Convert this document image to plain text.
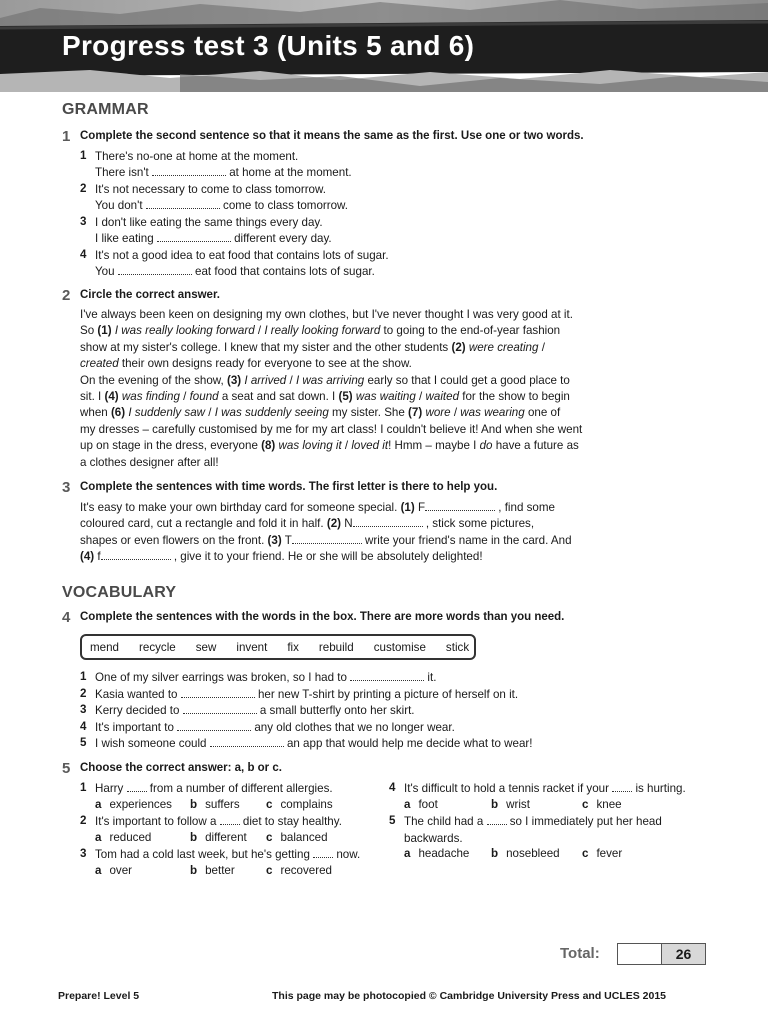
Progress test 3 (Units 5 and 6)
GRAMMAR
1 Complete the second sentence so that it means the same as the first. Use one or two words.
1 There's no-one at home at the moment.
There isn't	at home at the moment.
2 It's not necessary to come to class tomorrow.
You don't	come to class tomorrow.
3 I don't like eating the same things every day.
I like eating	different every day.
4 It's not a good idea to eat food that contains lots of sugar.
You	eat food that contains lots of sugar.
2 Circle the correct answer.
I've always been keen on designing my own clothes, but I've never thought I was very good at it.
So (1) I was really looking forward / I really looking forward to going to the end-of-year fashion
show at my sister's college. I knew that my sister and the other students (2) were creating /
created their own designs ready for everyone to see at the show.
On the evening of the show, (3) I arrived / I was arriving early so that I could get a good place to
sit. I (4) was finding / found a seat and sat down. I (5) was waiting / waited for the show to begin
when (6) I suddenly saw / I was suddenly seeing my sister. She (7) wore / was wearing one of
my dresses – carefully customised by me for my art class! I couldn't believe it! And when she went
up on stage in the dress, everyone (8) was loving it / loved it! Hmm – maybe I do have a future as
a clothes designer after all!
3 Complete the sentences with time words. The first letter is there to help you.
It's easy to make your own birthday card for someone special. (1) F	, find some
coloured card, cut a rectangle and fold it in half. (2) N	, stick some pictures,
shapes or even flowers on the front. (3) T	write your friend's name in the card. And
(4) f	, give it to your friend. He or she will be absolutely delighted!
VOCABULARY
4 Complete the sentences with the words in the box. There are more words than you need.
mend recycle sew invent fix rebuild customise stick
1 One of my silver earrings was broken, so I had to	it.
2 Kasia wanted to	her new T-shirt by printing a picture of herself on it.
3 Kerry decided to	a small butterfly onto her skirt.
4 It's important to	any old clothes that we no longer wear.
5 I wish someone could	an app that would help me decide what to wear!
5 Choose the correct answer: a, b or c.
1 Harry  from a number of different allergies.
a experiences b suffers c complains
2 It's important to follow a  diet to stay healthy.
a reduced	b different c balanced
3 Tom had a cold last week, but he's getting  now.
a over	b better	c recovered
4 It's difficult to hold a tennis racket if your  is hurting.
a foot	b wrist	c knee
5 The child had a  so I immediately put her head
backwards.
a headache b nosebleed c fever
Total:	26
Prepare! Level 5	This page may be photocopied © Cambridge University Press and UCLES 2015
